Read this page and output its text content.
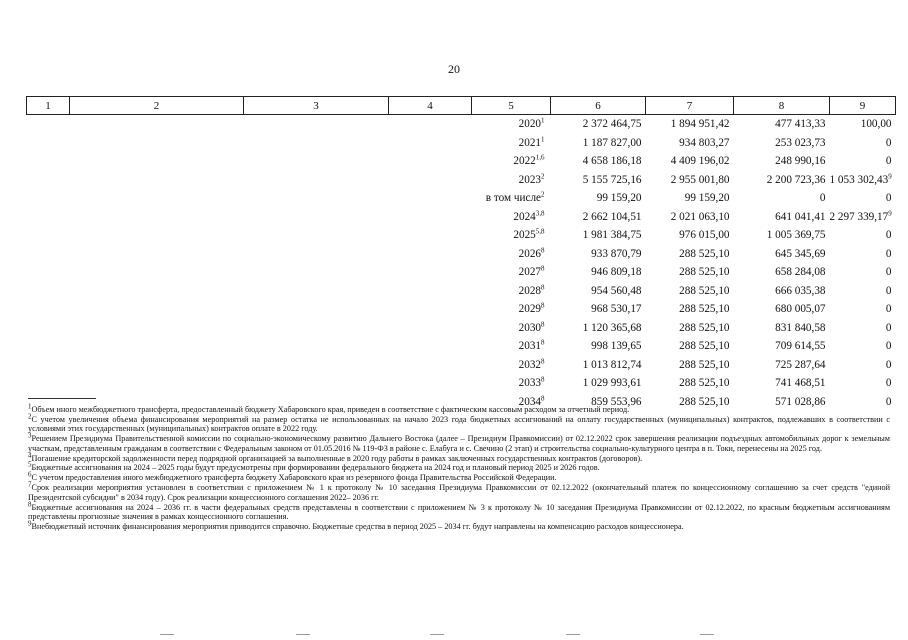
20
1	2	3	4	5	6	7	8	9
				2020$^1$	2 372 464,75	1 894 951,42	477 413,33	100,00
				2021$^1$	1 187 827,00	934 803,27	253 023,73	0
				2022$^{1,6}$	4 658 186,18	4 409 196,02	248 990,16	0
				2023$^2$	5 155 725,16	2 955 001,80	2 200 723,36	1 053 302,43$^9$
				в том числе$^2$	99 159,20	99 159,20	0	0
				2024$^{3,8}$	2 662 104,51	2 021 063,10	641 041,41	2 297 339,17$^9$
				2025$^{5,8}$	1 981 384,75	976 015,00	1 005 369,75	0
				2026$^8$	933 870,79	288 525,10	645 345,69	0
				2027$^8$	946 809,18	288 525,10	658 284,08	0
				2028$^8$	954 560,48	288 525,10	666 035,38	0
				2029$^8$	968 530,17	288 525,10	680 005,07	0
				2030$^8$	1 120 365,68	288 525,10	831 840,58	0
				2031$^8$	998 139,65	288 525,10	709 614,55	0
				2032$^8$	1 013 812,74	288 525,10	725 287,64	0
				2033$^8$	1 029 993,61	288 525,10	741 468,51	0
				2034$^8$	859 553,96	288 525,10	571 028,86	0

$^1$Объем иного межбюджетного трансферта, предоставленный бюджету Хабаровского края, приведен в соответствие с фактическим кассовым расходом за отчетный период.

$^2$С учетом увеличения объема финансирования мероприятий на размер остатка не использованных на начало 2023 года бюджетных ассигнований на оплату государственных (муниципальных) контрактов, подлежавших в соответствии с условиями этих государственных (муниципальных) контрактов оплате в 2022 году.

$^3$Решением Президиума Правительственной комиссии по социально-экономическому развитию Дальнего Востока (далее – Президиум Правкомиссии) от 02.12.2022 срок завершения реализации подъездных автомобильных дорог к земельным участкам, представленным гражданам в соответствии с Федеральным законом от 01.05.2016 № 119-ФЗ в районе с. Елабуга и с. Свечино (2 этап) и строительства социально-культурного центра в п. Токи, перенесены на 2025 год.

$^4$Погашение кредиторской задолженности перед подрядной организацией за выполненные в 2020 году работы в рамках заключенных государственных контрактов (договоров).

$^5$Бюджетные ассигнования на 2024 – 2025 годы будут предусмотрены при формировании федерального бюджета на 2024 год и плановый период 2025 и 2026 годов.

$^6$С учетом предоставления иного межбюджетного трансферта бюджету Хабаровского края из резервного фонда Правительства Российской Федерации.

$^7$Срок реализации мероприятия установлен в соответствии с приложением № 1 к протоколу № 10 заседания Президиума Правкомиссии от 02.12.2022 (окончательный платеж по концессионному соглашению за счет средств "единой Президентской субсидии" в 2034 году). Срок реализации концессионного соглашения 2022– 2036 гг.

$^8$Бюджетные ассигнования на 2024 – 2036 гг. в части федеральных средств представлены в соответствии с приложением № 3 к протоколу № 10 заседания Президиума Правкомиссии от 02.12.2022, по красным бюджетным ассигнованиям представлены прогнозные значения в рамках концессионного соглашения.

$^9$Внебюджетный источник финансирования мероприятия приводится справочно. Бюджетные средства в период 2025 – 2034 гг. будут направлены на компенсацию расходов концессионера.
